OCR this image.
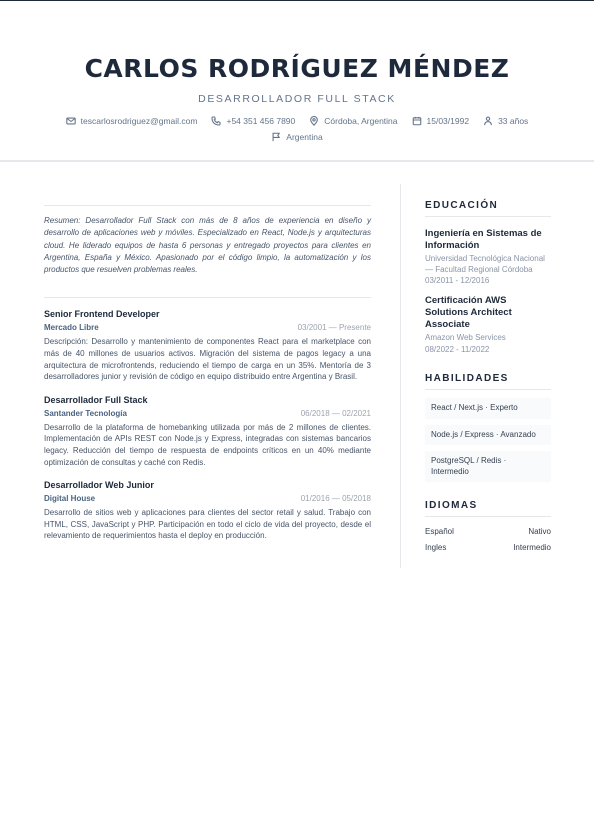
CARLOS RODRÍGUEZ MÉNDEZ
DESARROLLADOR FULL STACK
tescarlosrodriguez@gmail.com	+54 351 456 7890	Córdoba, Argentina	15/03/1992	33 años
Argentina

Resumen: Desarrollador Full Stack con más de 8 años de experiencia en diseño y desarrollo de aplicaciones web y móviles. Especializado en React, Node.js y arquitecturas cloud. He liderado equipos de hasta 6 personas y entregado proyectos para clientes en Argentina, España y México. Apasionado por el código limpio, la automatización y los productos que resuelven problemas reales.

Senior Frontend Developer
Mercado Libre	03/2001 — Presente

Descripción: Desarrollo y mantenimiento de componentes React para el marketplace con más de 40 millones de usuarios activos. Migración del sistema de pagos legacy a una arquitectura de microfrontends, reduciendo el tiempo de carga en un 35%. Mentoría de 3 desarrolladores junior y revisión de código en equipo distribuido entre Argentina y Brasil.

Desarrollador Full Stack
Santander Tecnología	06/2018 — 02/2021

Desarrollo de la plataforma de homebanking utilizada por más de 2 millones de clientes. Implementación de APIs REST con Node.js y Express, integradas con sistemas bancarios legacy. Reducción del tiempo de respuesta de endpoints críticos en un 40% mediante optimización de consultas y caché con Redis.

Desarrollador Web Junior
Digital House	01/2016 — 05/2018

Desarrollo de sitios web y aplicaciones para clientes del sector retail y salud. Trabajo con HTML, CSS, JavaScript y PHP. Participación en todo el ciclo de vida del proyecto, desde el relevamiento de requerimientos hasta el deploy en producción.

EDUCACIÓN
Ingeniería en Sistemas de Información
Universidad Tecnológica Nacional — Facultad Regional Córdoba
03/2011 - 12/2016
Certificación AWS Solutions Architect Associate
Amazon Web Services
08/2022 - 11/2022
HABILIDADES
React / Next.js · Experto
Node.js / Express · Avanzado
PostgreSQL / Redis · Intermedio
IDIOMAS
Español	Nativo
Ingles	Intermedio
